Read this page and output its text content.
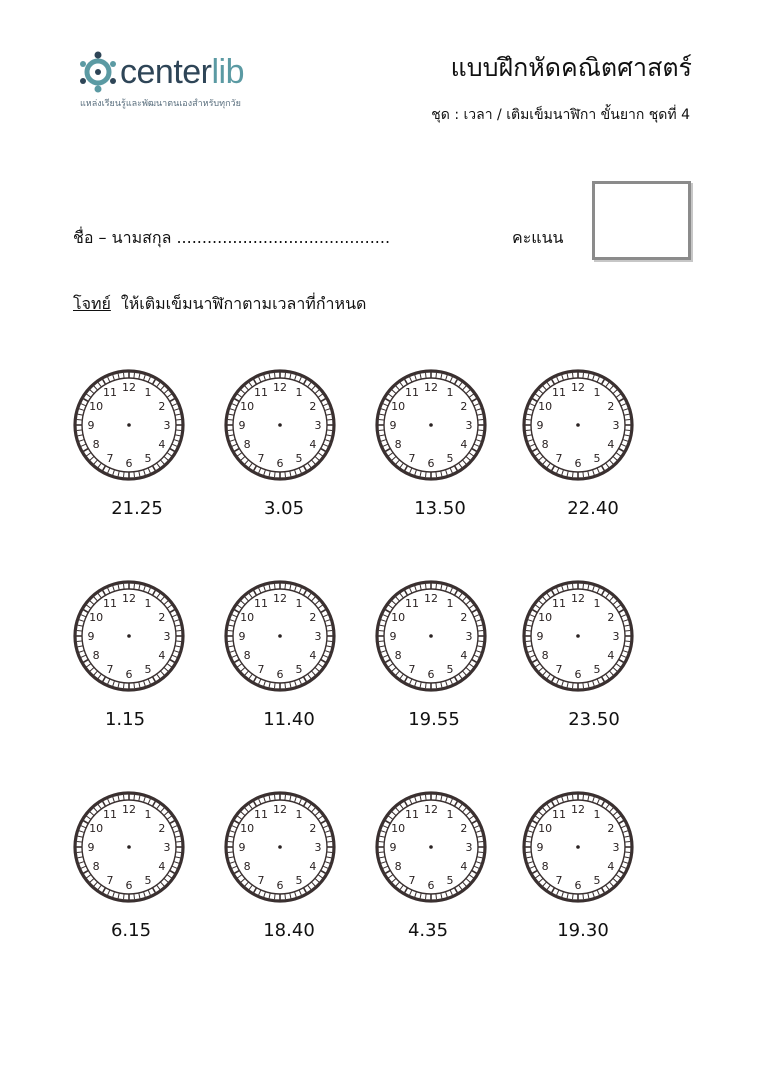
centerlib
แหล่งเรียนรู้และพัฒนาตนเองสำหรับทุกวัย
แบบฝึกหัดคณิตศาสตร์
ชุด : เวลา / เติมเข็มนาฬิกา ขั้นยาก ชุดที่ 4
ชื่อ – นามสกุล ..........................................	คะแนน
โจทย์ ให้เติมเข็มนาฬิกาตามเวลาที่กำหนด
12 1
2
3
4
5
6
7
8
9
10
11
21.25
12 1
2
3
4
5
6
7
8
9
10
11
3.05
12 1
2
3
4
5
6
7
8
9
10
11
13.50
12 1
2
3
4
5
6
7
8
9
10
11
22.40
12 1
2
3
4
5
6
7
8
9
10
11
1.15
12 1
2
3
4
5
6
7
8
9
10
11
11.40
12 1
2
3
4
5
6
7
8
9
10
11
19.55
12 1
2
3
4
5
6
7
8
9
10
11
23.50
12 1
2
3
4
5
6
7
8
9
10
11
6.15
12 1
2
3
4
5
6
7
8
9
10
11
18.40
12 1
2
3
4
5
6
7
8
9
10
11
4.35
12 1
2
3
4
5
6
7
8
9
10
11
19.30
